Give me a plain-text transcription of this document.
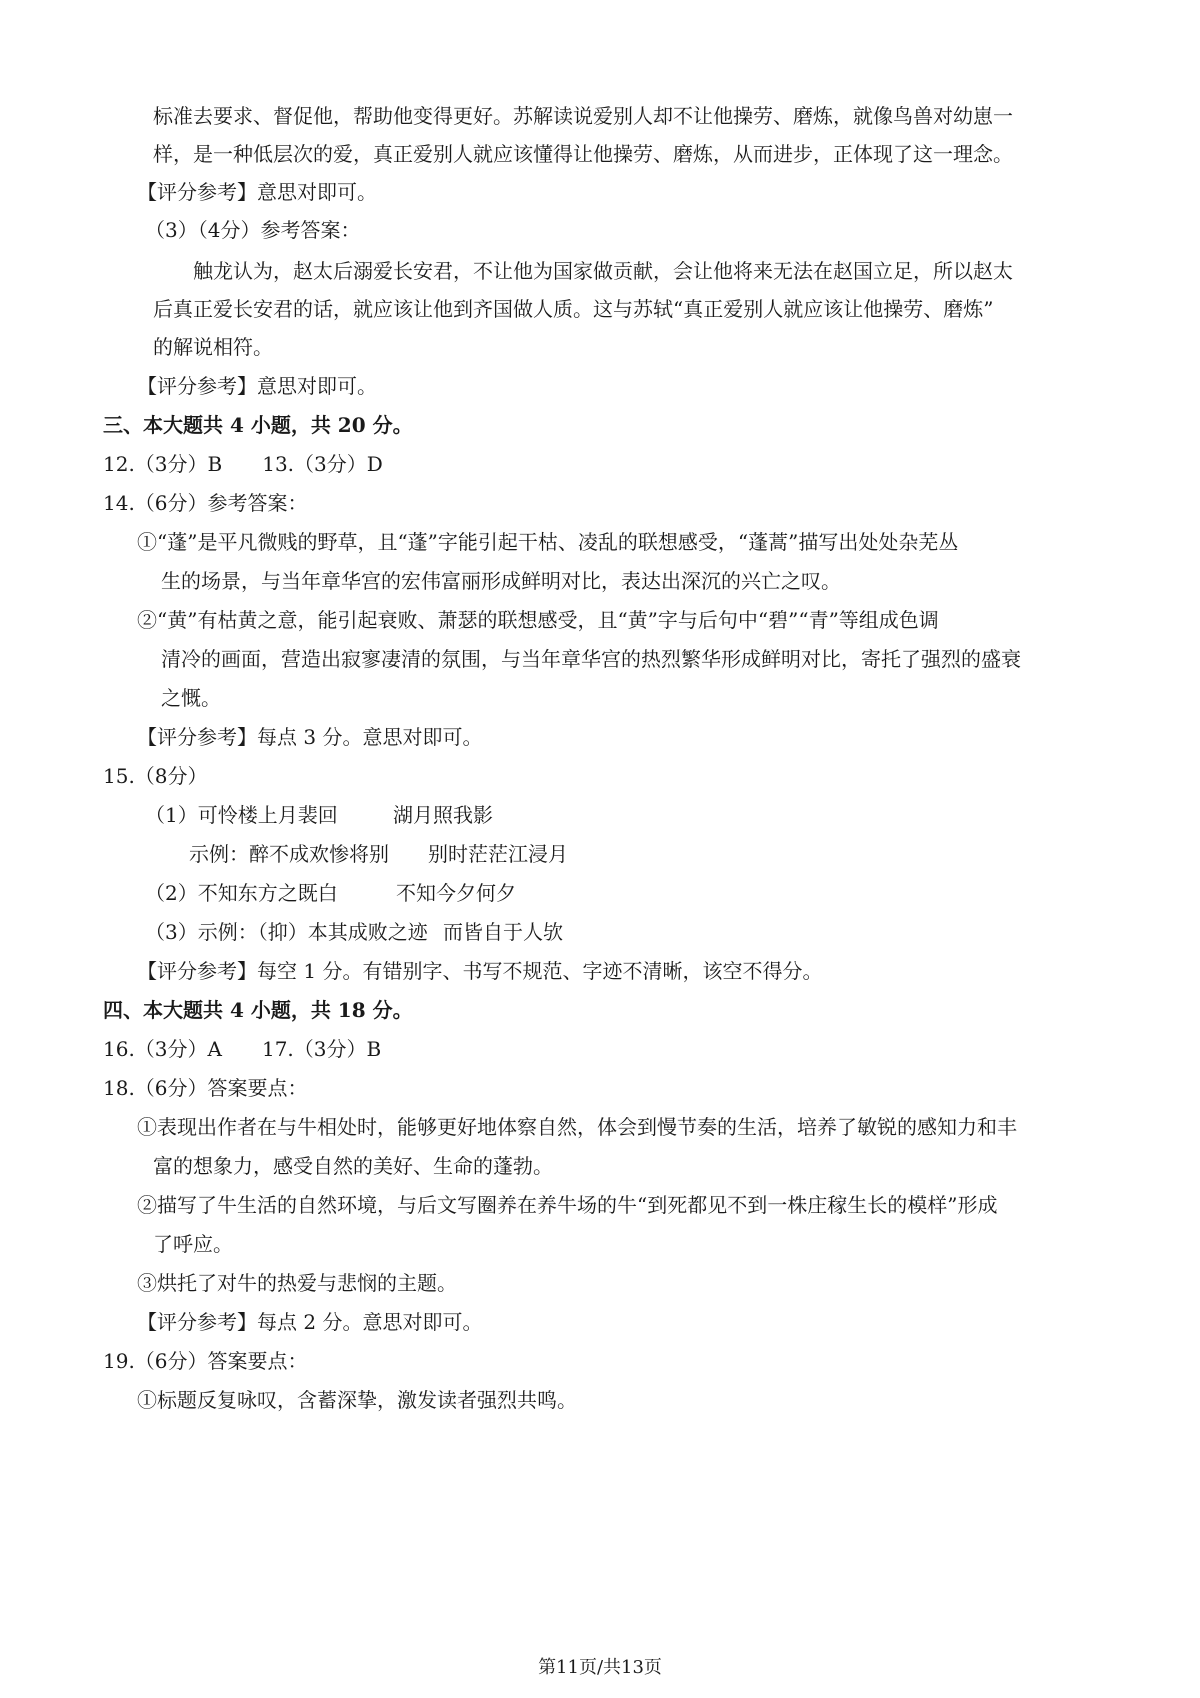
标准去要求、督促他，帮助他变得更好。苏解读说爱别人却不让他操劳、磨炼，就像鸟兽对幼崽一
样，是一种低层次的爱，真正爱别人就应该懂得让他操劳、磨炼，从而进步，正体现了这一理念。
【评分参考】意思对即可。
（3）（4分）参考答案：
触龙认为，赵太后溺爱长安君，不让他为国家做贡献，会让他将来无法在赵国立足，所以赵太
后真正爱长安君的话，就应该让他到齐国做人质。这与苏轼“真正爱别人就应该让他操劳、磨炼”
的解说相符。
【评分参考】意思对即可。
三、本大题共 4 小题，共 20 分。
12.（3分）B 13.（3分）D
14.（6分）参考答案：
①“蓬”是平凡微贱的野草，且“蓬”字能引起干枯、凌乱的联想感受，“蓬蒿”描写出处处杂芜丛
生的场景，与当年章华宫的宏伟富丽形成鲜明对比，表达出深沉的兴亡之叹。
②“黄”有枯黄之意，能引起衰败、萧瑟的联想感受，且“黄”字与后句中“碧”“青”等组成色调
清冷的画面，营造出寂寥凄清的氛围，与当年章华宫的热烈繁华形成鲜明对比，寄托了强烈的盛衰
之慨。
【评分参考】每点 3 分。意思对即可。
15.（8分）
（1）可怜楼上月裴回	湖月照我影
示例：醉不成欢惨将别 别时茫茫江浸月
（2）不知东方之既白	不知今夕何夕
（3）示例：（抑）本其成败之迹 而皆自于人欤
【评分参考】每空 1 分。有错别字、书写不规范、字迹不清晰，该空不得分。
四、本大题共 4 小题，共 18 分。
16.（3分）A 17.（3分）B
18.（6分）答案要点：
①表现出作者在与牛相处时，能够更好地体察自然，体会到慢节奏的生活，培养了敏锐的感知力和丰
富的想象力，感受自然的美好、生命的蓬勃。
②描写了牛生活的自然环境，与后文写圈养在养牛场的牛“到死都见不到一株庄稼生长的模样”形成
了呼应。
③烘托了对牛的热爱与悲悯的主题。
【评分参考】每点 2 分。意思对即可。
19.（6分）答案要点：
①标题反复咏叹，含蓄深挚，激发读者强烈共鸣。
第11页/共13页
